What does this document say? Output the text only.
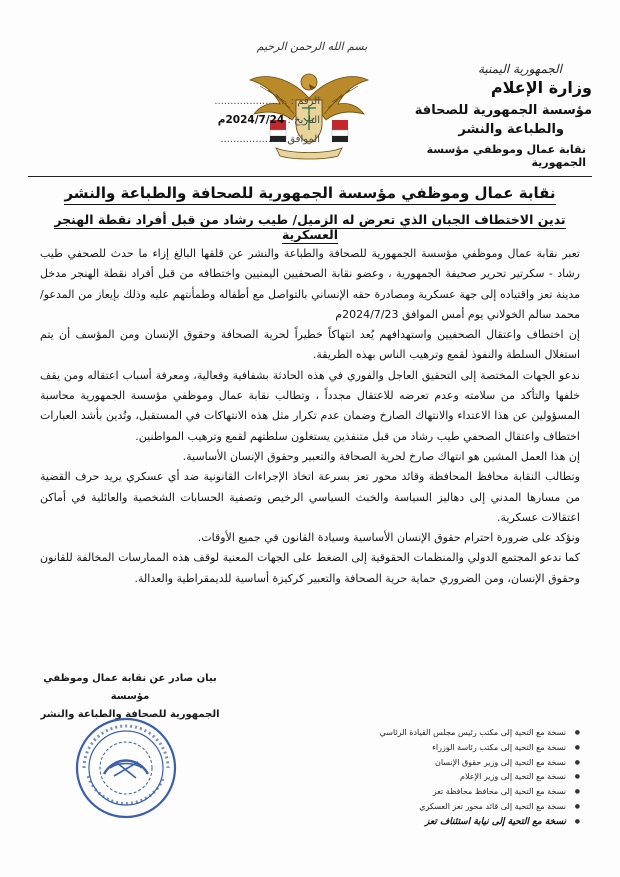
بسم الله الرحمن الرحيم
الرقم : .......................
التاريخ : 2024/7/24م
الموافق: ...................
الجمهورية اليمنية
وزارة الإعلام
مؤسسة الجمهورية للصحافة
والطباعة والنشر
نقابة عمال وموظفي مؤسسة الجمهورية
نقابة عمال وموظفي مؤسسة الجمهورية للصحافة والطباعة والنشر
تدين الاختطاف الجبان الذي تعرض له الزميل/ طيب رشاد من قبل أفراد نقطة الهنجر العسكرية

تعبر نقابة عمال وموظفي مؤسسة الجمهورية للصحافة والطباعة والنشر عن قلقها البالغ إزاء ما حدث للصحفي طيب رشاد - سكرتير تحرير صحيفة الجمهورية ، وعضو نقابة الصحفيين اليمنيين واختطافه من قبل أفراد نقطة الهنجر مدخل مدينة تعز واقتياده إلى جهة عسكرية ومصادرة حقه الإنساني بالتواصل مع أطفاله وطمأنتهم عليه وذلك بإيعاز من المدعو/ محمد سالم الخولاني يوم أمس الموافق 2024/7/23م

إن اختطاف واعتقال الصحفيين واستهدافهم يُعد انتهاكاً خطيراً لحرية الصحافة وحقوق الإنسان ومن المؤسف أن يتم استغلال السلطة والنفوذ لقمع وترهيب الناس بهذه الطريقة.

ندعو الجهات المختصة إلى التحقيق العاجل والفوري في هذه الحادثة بشفافية وفعالية، ومعرفة أسباب اعتقاله ومن يقف خلفها والتأكد من سلامته وعدم تعرضه للاعتقال مجدداً ، وتطالب نقابة عمال وموظفي مؤسسة الجمهورية محاسبة المسؤولين عن هذا الاعتداء والانتهاك الصارخ وضمان عدم تكرار مثل هذه الانتهاكات في المستقبل، وتُدين بأشد العبارات اختطاف واعتقال الصحفي طيب رشاد من قبل متنفذين يستغلون سلطتهم لقمع وترهيب المواطنين.

إن هذا العمل المشين هو انتهاك صارخ لحرية الصحافة والتعبير وحقوق الإنسان الأساسية.

وتطالب النقابة محافظ المحافظة وقائد محور تعز بسرعة اتخاذ الإجراءات القانونية ضد أي عسكري يريد حرف القضية من مسارها المدني إلى دهاليز السياسة والخبث السياسي الرخيص وتصفية الحسابات الشخصية والعائلية في أماكن اعتقالات عسكرية.

ونؤكد على ضرورة احترام حقوق الإنسان الأساسية وسيادة القانون في جميع الأوقات.

كما ندعو المجتمع الدولي والمنظمات الحقوقية إلى الضغط على الجهات المعنية لوقف هذه الممارسات المخالفة للقانون وحقوق الإنسان، ومن الضروري حماية حرية الصحافة والتعبير كركيزة أساسية للديمقراطية والعدالة.

بيان صادر عن نقابة عمال وموظفي مؤسسة
الجمهورية للصحافة والطباعة والنشر
● نسخة مع التحية إلى مكتب رئيس مجلس القيادة الرئاسي
● نسخة مع التحية إلى مكتب رئاسة الوزراء
● نسخة مع التحية إلى وزير حقوق الإنسان
● نسخة مع التحية إلى وزير الإعلام
● نسخة مع التحية إلى محافظ محافظة تعز
● نسخة مع التحية إلى قائد محور تعز العسكري
● نسخة مع التحية إلى نيابة استئناف تعز
